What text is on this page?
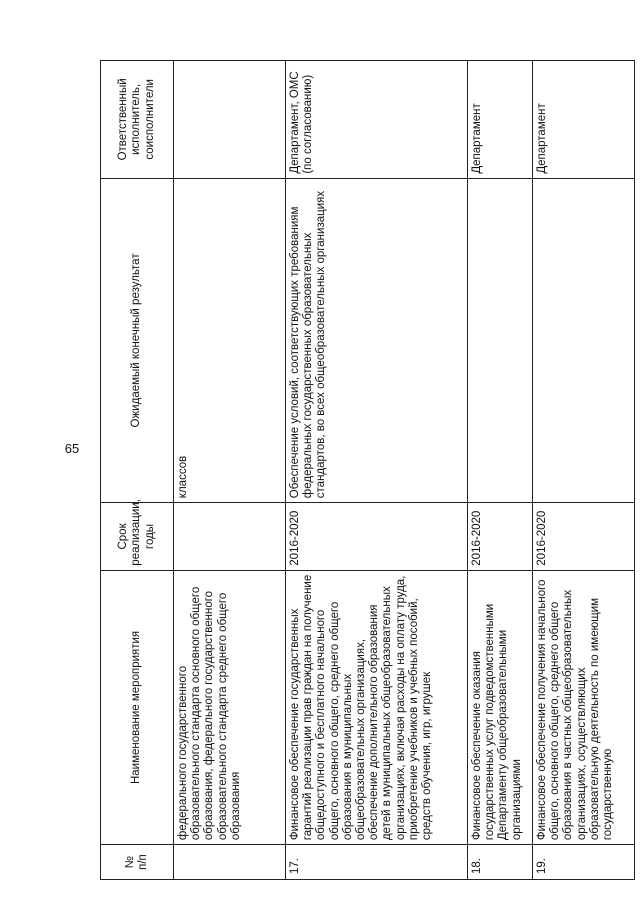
65
№
п/п	Наименование мероприятия	Срок реализации, годы	Ожидаемый конечный результат	Ответственный исполнитель, соисполнители
	федерального государственного образовательного стандарта основного общего образования, федерального государственного образовательного стандарта среднего общего образования		классов	
17.	Финансовое обеспечение государственных гарантий реализации прав граждан на получение общедоступного и бесплатного начального общего, основного общего, среднего общего образования в муниципальных общеобразовательных организациях, обеспечение дополнительного образования детей в муниципальных общеобразовательных организациях, включая расходы на оплату труда, приобретение учебников и учебных пособий, средств обучения, игр, игрушек	2016-2020	Обеспечение условий, соответствующих требованиям федеральных государственных образовательных стандартов, во всех общеобразовательных организациях	Департамент, ОМС (по согласованию)
18.	Финансовое обеспечение оказания государственных услуг подведомственными Департаменту общеобразовательными организациями	2016-2020		Департамент
19.	Финансовое обеспечение получения начального общего, основного общего, среднего общего образования в частных общеобразовательных организациях, осуществляющих образовательную деятельность по имеющим государственную	2016-2020		Департамент
